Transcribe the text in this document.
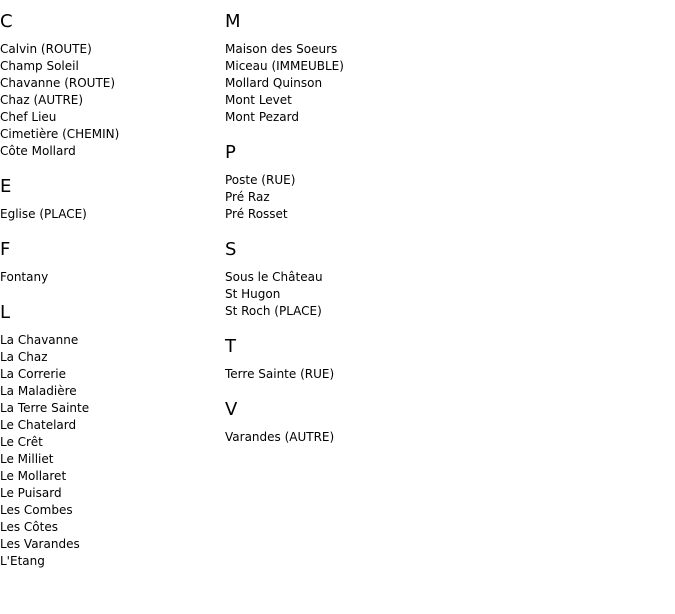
C
Calvin (ROUTE)
Champ Soleil
Chavanne (ROUTE)
Chaz (AUTRE)
Chef Lieu
Cimetière (CHEMIN)
Côte Mollard
E
Eglise (PLACE)
F
Fontany
L
La Chavanne
La Chaz
La Correrie
La Maladière
La Terre Sainte
Le Chatelard
Le Crêt
Le Milliet
Le Mollaret
Le Puisard
Les Combes
Les Côtes
Les Varandes
L'Etang
M
Maison des Soeurs
Miceau (IMMEUBLE)
Mollard Quinson
Mont Levet
Mont Pezard
P
Poste (RUE)
Pré Raz
Pré Rosset
S
Sous le Château
St Hugon
St Roch (PLACE)
T
Terre Sainte (RUE)
V
Varandes (AUTRE)
